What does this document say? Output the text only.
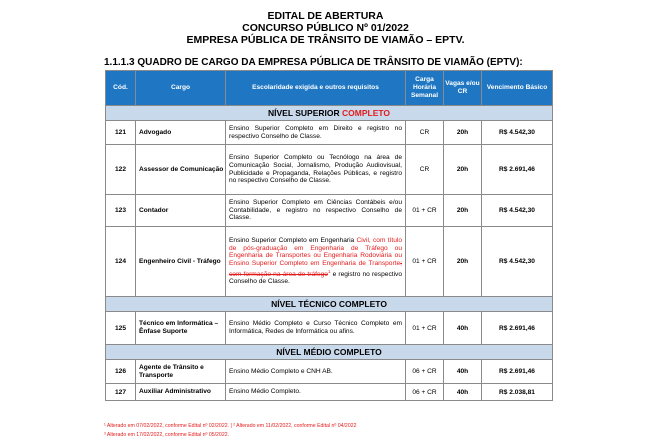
EDITAL DE ABERTURA
CONCURSO PÚBLICO Nº 01/2022
EMPRESA PÚBLICA DE TRÂNSITO DE VIAMÃO – EPTV.
1.1.1.3 QUADRO DE CARGO DA EMPRESA PÚBLICA DE TRÂNSITO DE VIAMÃO (EPTV):
Cód.	Cargo	Escolaridade exigida e outros requisitos	Carga Horária Semanal	Vagas e/ou CR	Vencimento Básico
NÍVEL SUPERIOR COMPLETO					
121	Advogado	Ensino Superior Completo em Direito e registro no respectivo Conselho de Classe.	CR	20h	R$ 4.542,30
122	Assessor de Comunicação	Ensino Superior Completo ou Tecnólogo na área de Comunicação Social, Jornalismo, Produção Audiovisual, Publicidade e Propaganda, Relações Públicas, e registro no respectivo Conselho de Classe.	CR	20h	R$ 2.691,46
123	Contador	Ensino Superior Completo em Ciências Contábeis e/ou Contabilidade, e registro no respectivo Conselho de Classe.	01 + CR	20h	R$ 4.542,30
124	Engenheiro Civil - Tráfego	Ensino Superior Completo em Engenharia Civil, com título de pós-graduação em Engenharia de Tráfego ou Engenharia de Transportes ou Engenharia Rodoviária ou Ensino Superior Completo em Engenharia de Transporte; com formação na área de tráfego$^1$ e registro no respectivo Conselho de Classe.	01 + CR	20h	R$ 4.542,30
NÍVEL TÉCNICO COMPLETO					
125	Técnico em Informática – Ênfase Suporte	Ensino Médio Completo e Curso Técnico Completo em Informática, Redes de Informática ou afins.	01 + CR	40h	R$ 2.691,46
NÍVEL MÉDIO COMPLETO					
126	Agente de Trânsito e Transporte	Ensino Médio Completo e CNH AB.	06 + CR	40h	R$ 2.691,46
127	Auxiliar Administrativo	Ensino Médio Completo.	06 + CR	40h	R$ 2.038,81
¹ Alterado em 07/02/2022, conforme Edital nº 02/2022. | ² Alterado em 11/02/2022, conforme Edital nº 04/2022
³ Alterado em 17/02/2022, conforme Edital nº 05/2022.
